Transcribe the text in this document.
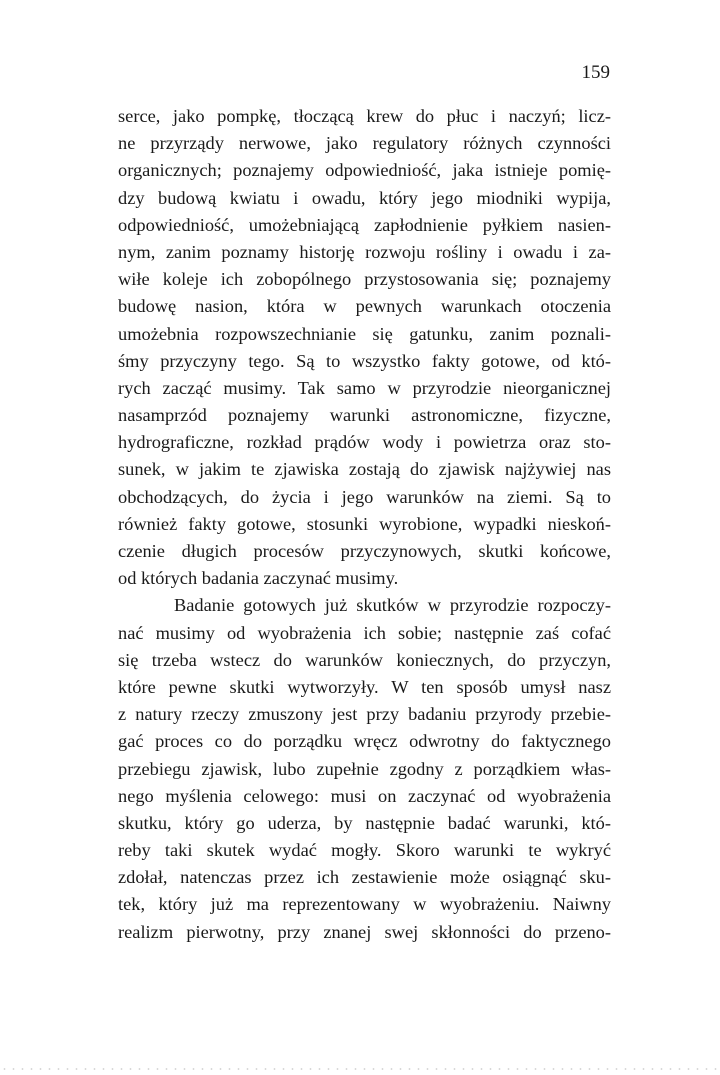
159
serce, jako pompkę, tłoczącą krew do płuc i naczyń; licz-
ne przyrządy nerwowe, jako regulatory różnych czynności
organicznych; poznajemy odpowiedniość, jaka istnieje pomię-
dzy budową kwiatu i owadu, który jego miodniki wypija,
odpowiedniość, umożebniającą zapłodnienie pyłkiem nasien-
nym, zanim poznamy historję rozwoju rośliny i owadu i za-
wiłe koleje ich zobopólnego przystosowania się; poznajemy
budowę nasion, która w pewnych warunkach otoczenia
umożebnia rozpowszechnianie się gatunku, zanim poznali-
śmy przyczyny tego. Są to wszystko fakty gotowe, od któ-
rych zacząć musimy. Tak samo w przyrodzie nieorganicznej
nasamprzód poznajemy warunki astronomiczne, fizyczne,
hydrograficzne, rozkład prądów wody i powietrza oraz sto-
sunek, w jakim te zjawiska zostają do zjawisk najżywiej nas
obchodzących, do życia i jego warunków na ziemi. Są to
również fakty gotowe, stosunki wyrobione, wypadki nieskoń-
czenie długich procesów przyczynowych, skutki końcowe,
od których badania zaczynać musimy.
Badanie gotowych już skutków w przyrodzie rozpoczy-
nać musimy od wyobrażenia ich sobie; następnie zaś cofać
się trzeba wstecz do warunków koniecznych, do przyczyn,
które pewne skutki wytworzyły. W ten sposób umysł nasz
z natury rzeczy zmuszony jest przy badaniu przyrody przebie-
gać proces co do porządku wręcz odwrotny do faktycznego
przebiegu zjawisk, lubo zupełnie zgodny z porządkiem włas-
nego myślenia celowego: musi on zaczynać od wyobrażenia
skutku, który go uderza, by następnie badać warunki, któ-
reby taki skutek wydać mogły. Skoro warunki te wykryć
zdołał, natenczas przez ich zestawienie może osiągnąć sku-
tek, który już ma reprezentowany w wyobrażeniu. Naiwny
realizm pierwotny, przy znanej swej skłonności do przeno-
